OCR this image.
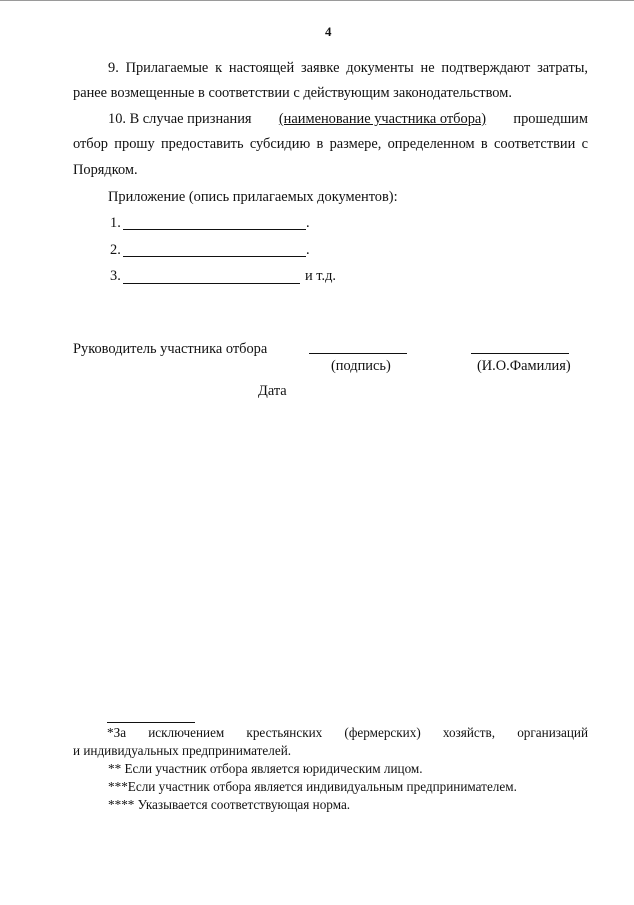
4
9. Прилагаемые к настоящей заявке документы не подтверждают затраты,
ранее возмещенные в соответствии с действующим законодательством.
10. В случае признания (наименование участника отбора) прошедшим
отбор прошу предоставить субсидию в размере, определенном в соответствии с
Порядком.
Приложение (опись прилагаемых документов):
1.	.
2.	.
3.	и т.д.
Руководитель участника отбора
(подпись)	(И.О.Фамилия)
Дата
*За исключением крестьянских (фермерских) хозяйств, организаций
и индивидуальных предпринимателей.
** Если участник отбора является юридическим лицом.
***Если участник отбора является индивидуальным предпринимателем.
**** Указывается соответствующая норма.
